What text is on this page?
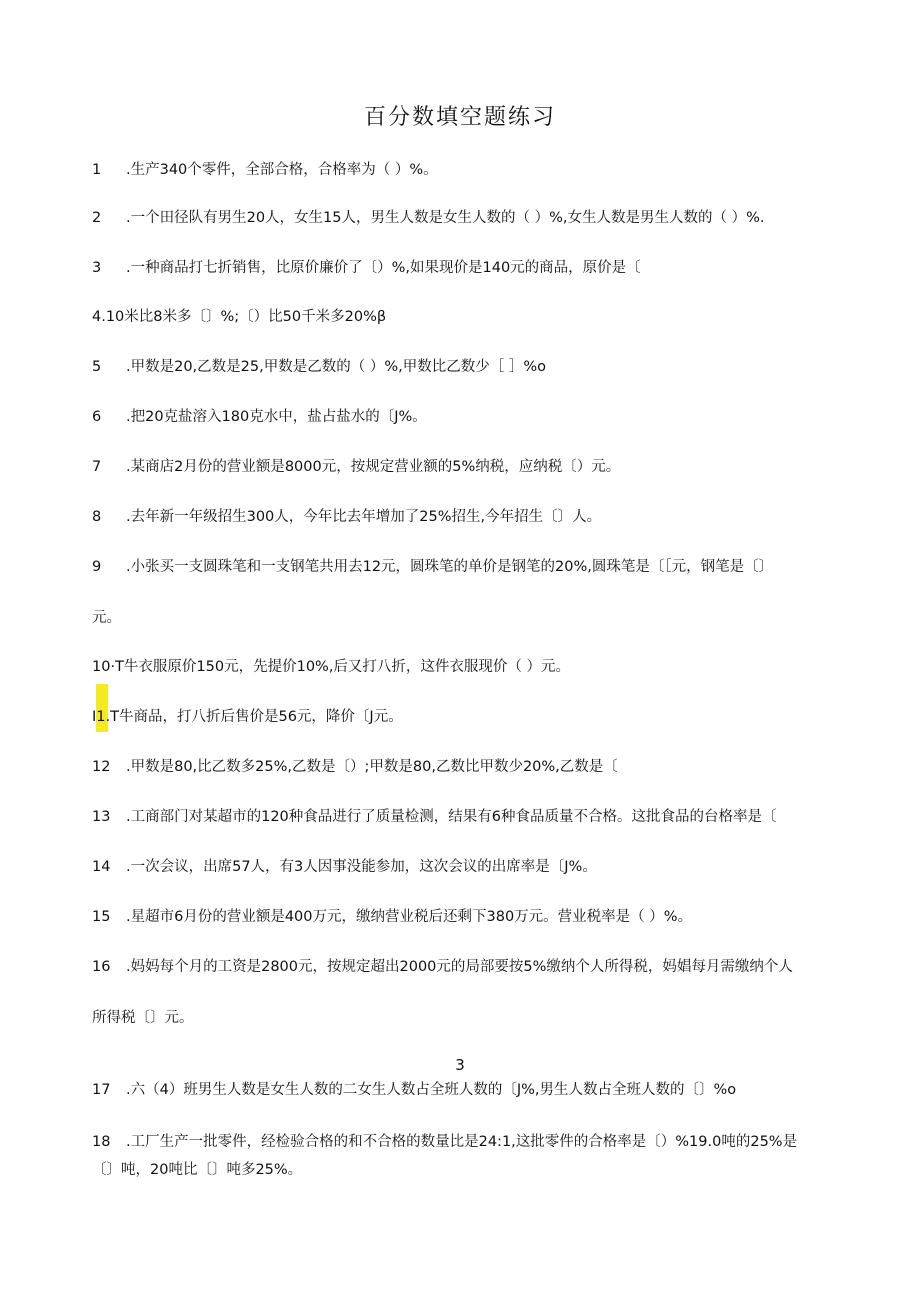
百分数填空题练习
1 .生产340个零件，全部合格，合格率为（ ）%。
2 .一个田径队有男生20人，女生15人，男生人数是女生人数的（ ）%,女生人数是男生人数的（ ）%.
3 .一种商品打七折销售，比原价廉价了〔）%,如果现价是140元的商品，原价是〔
4.10米比8米多〔〕%;〔）比50千米多20%β
5 .甲数是20,乙数是25,甲数是乙数的（ ）%,甲数比乙数少［ ］%o
6 .把20克盐溶入180克水中，盐占盐水的〔J%。
7 .某商店2月份的营业额是8000元，按规定营业额的5%纳税，应纳税〔）元。
8 .去年新一年级招生300人，今年比去年增加了25%招生,今年招生〔〕人。
9 .小张买一支圆珠笔和一支钢笔共用去12元，圆珠笔的单价是钢笔的20%,圆珠笔是〔［元，钢笔是〔〕
元。
10·T牛衣服原价150元，先提价10%,后又打八折，这件衣服现价（ ）元。
I1.T牛商品，打八折后售价是56元，降价〔J元。
12 .甲数是80,比乙数多25%,乙数是〔）;甲数是80,乙数比甲数少20%,乙数是〔
13 .工商部门对某超市的120种食品进行了质量检测，结果有6种食品质量不合格。这批食品的台格率是〔
14 .一次会议，出席57人，有3人因事没能参加，这次会议的出席率是〔J%。
15 .星超市6月份的营业额是400万元，缴纳营业税后还剩下380万元。营业税率是（ ）%。
16 .妈妈每个月的工资是2800元，按规定超出2000元的局部要按5%缴纳个人所得税，妈娼每月需缴纳个人
所得税〔〕元。
3
17 .六（4）班男生人数是女生人数的二女生人数占全班人数的〔J%,男生人数占全班人数的〔〕%o
18 .工厂生产一批零件，经检验合格的和不合格的数量比是24:1,这批零件的合格率是〔）%19.0吨的25%是
〔〕吨，20吨比〔〕吨多25%。
